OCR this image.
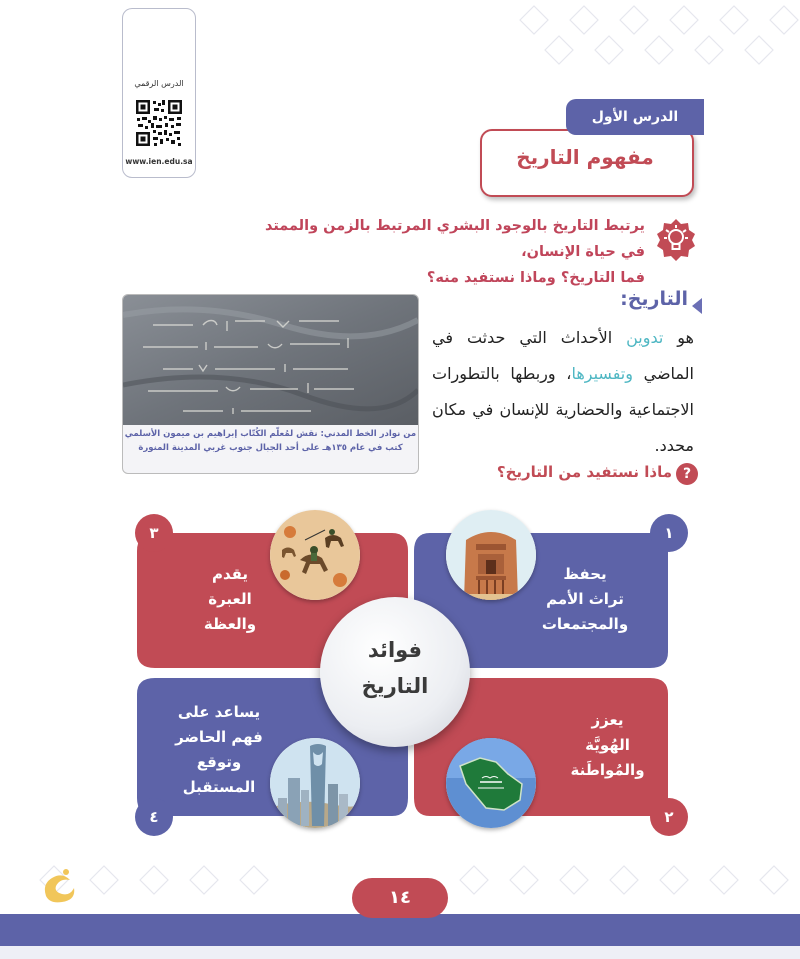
الدرس الرقمي
www.ien.edu.sa
الدرس الأول
مفهوم التاريخ
يرتبط التاريخ بالوجود البشري المرتبط بالزمن والممتد في حياة الإنسان،
فما التاريخ؟ وماذا نستفيد منه؟
التاريخ:
هو تدوين الأحداث التي حدثت في الماضي وتفسيرها، وربطها بالتطورات الاجتماعية والحضارية للإنسان في مكان محدد.
من نوادر الخط المدني: نقش لمُعلّم الكُتّاب إبراهيم بن ميمون الأسلمي
كتب في عام ١٣٥هـ على أحد الجبال جنوب غربي المدينة المنورة
?
ماذا نستفيد من التاريخ؟
١
٣
٢
٤
يحفظ
تراث الأمم
والمجتمعات
يقدم
العبرة
والعظة
يعزز
الهُويَّة
والمُواطَنة
يساعد على
فهم الحاضر
وتوقع
المستقبل
فوائد
التاريخ
١٤
